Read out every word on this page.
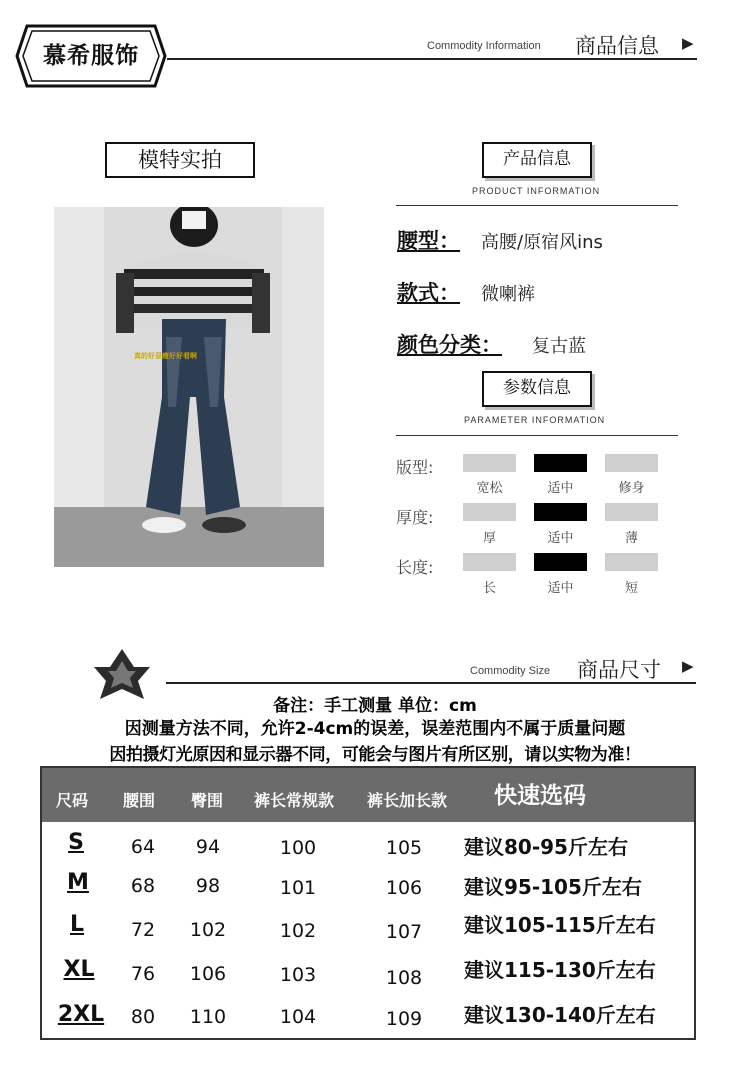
慕希服饰	Commodity Information 商品信息 ▶
模特实拍
真的好显瘦好好看啊
产品信息
PRODUCT INFORMATION
腰型： 高腰/原宿风ins
款式： 微喇裤
颜色分类： 复古蓝
参数信息
PARAMETER INFORMATION
版型:
宽松	适中	修身
厚度:
厚	适中	薄
长度:
长	适中	短
Commodity Size 商品尺寸 ▶
备注：手工测量 单位：cm
因测量方法不同，允许2-4cm的误差，误差范围内不属于质量问题
因拍摄灯光原因和显示器不同，可能会与图片有所区别，请以实物为准！
尺码 腰围 臀围 裤长常规款 裤长加长款 快速选码
S	64	94	100	105	建议80-95斤左右
M	68	98	101	106	建议95-105斤左右
L	72	102	102	107	建议105-115斤左右
XL	76	106	103	108	建议115-130斤左右
2XL	80	110	104	109	建议130-140斤左右
